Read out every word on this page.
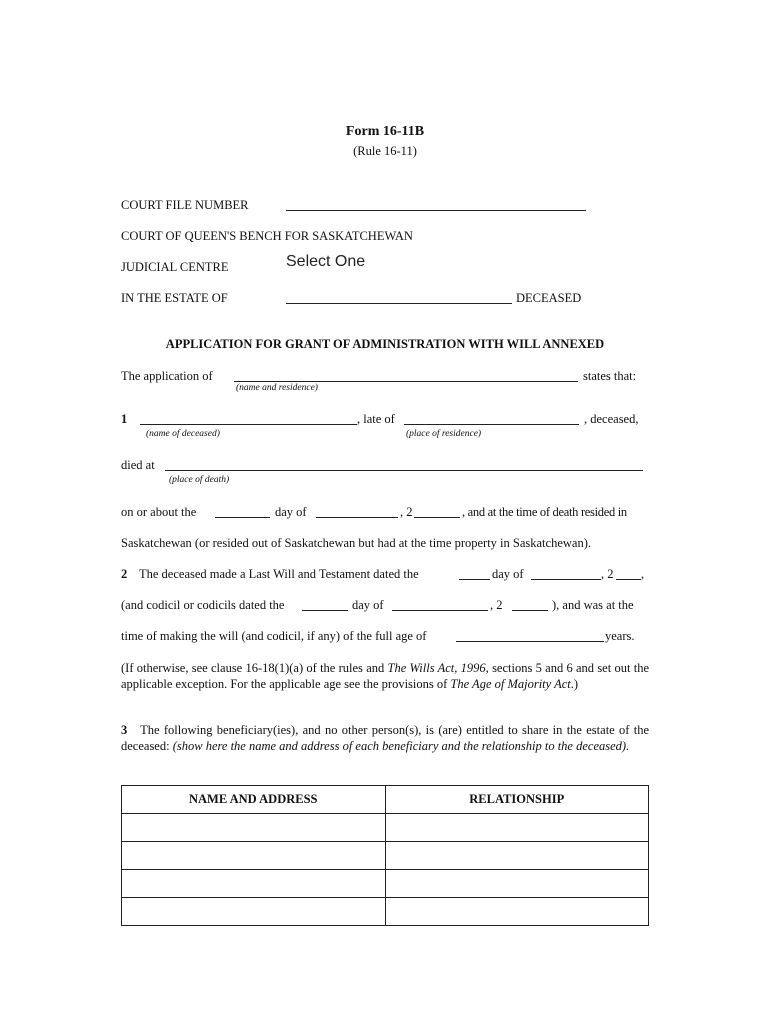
Form 16-11B
(Rule 16-11)
COURT FILE NUMBER
COURT OF QUEEN'S BENCH FOR SASKATCHEWAN
JUDICIAL CENTRE	Select One
IN THE ESTATE OF	DECEASED
APPLICATION FOR GRANT OF ADMINISTRATION WITH WILL ANNEXED
The application of	states that:
(name and residence)
1	, late of	, deceased,
(name of deceased)	(place of residence)
died at
(place of death)
on or about the	day of	, 2	, and at the time of death resided in
Saskatchewan (or resided out of Saskatchewan but had at the time property in Saskatchewan).
2 The deceased made a Last Will and Testament dated the	day of	, 2 ,
(and codicil or codicils dated the	day of	, 2	), and was at the
time of making the will (and codicil, if any) of the full age of	years.
(If otherwise, see clause 16-18(1)(a) of the rules and The Wills Act, 1996, sections 5 and 6 and set out the applicable exception. For the applicable age see the provisions of The Age of Majority Act.)
3 The following beneficiary(ies), and no other person(s), is (are) entitled to share in the estate of the deceased: (show here the name and address of each beneficiary and the relationship to the deceased).
NAME AND ADDRESS	RELATIONSHIP
